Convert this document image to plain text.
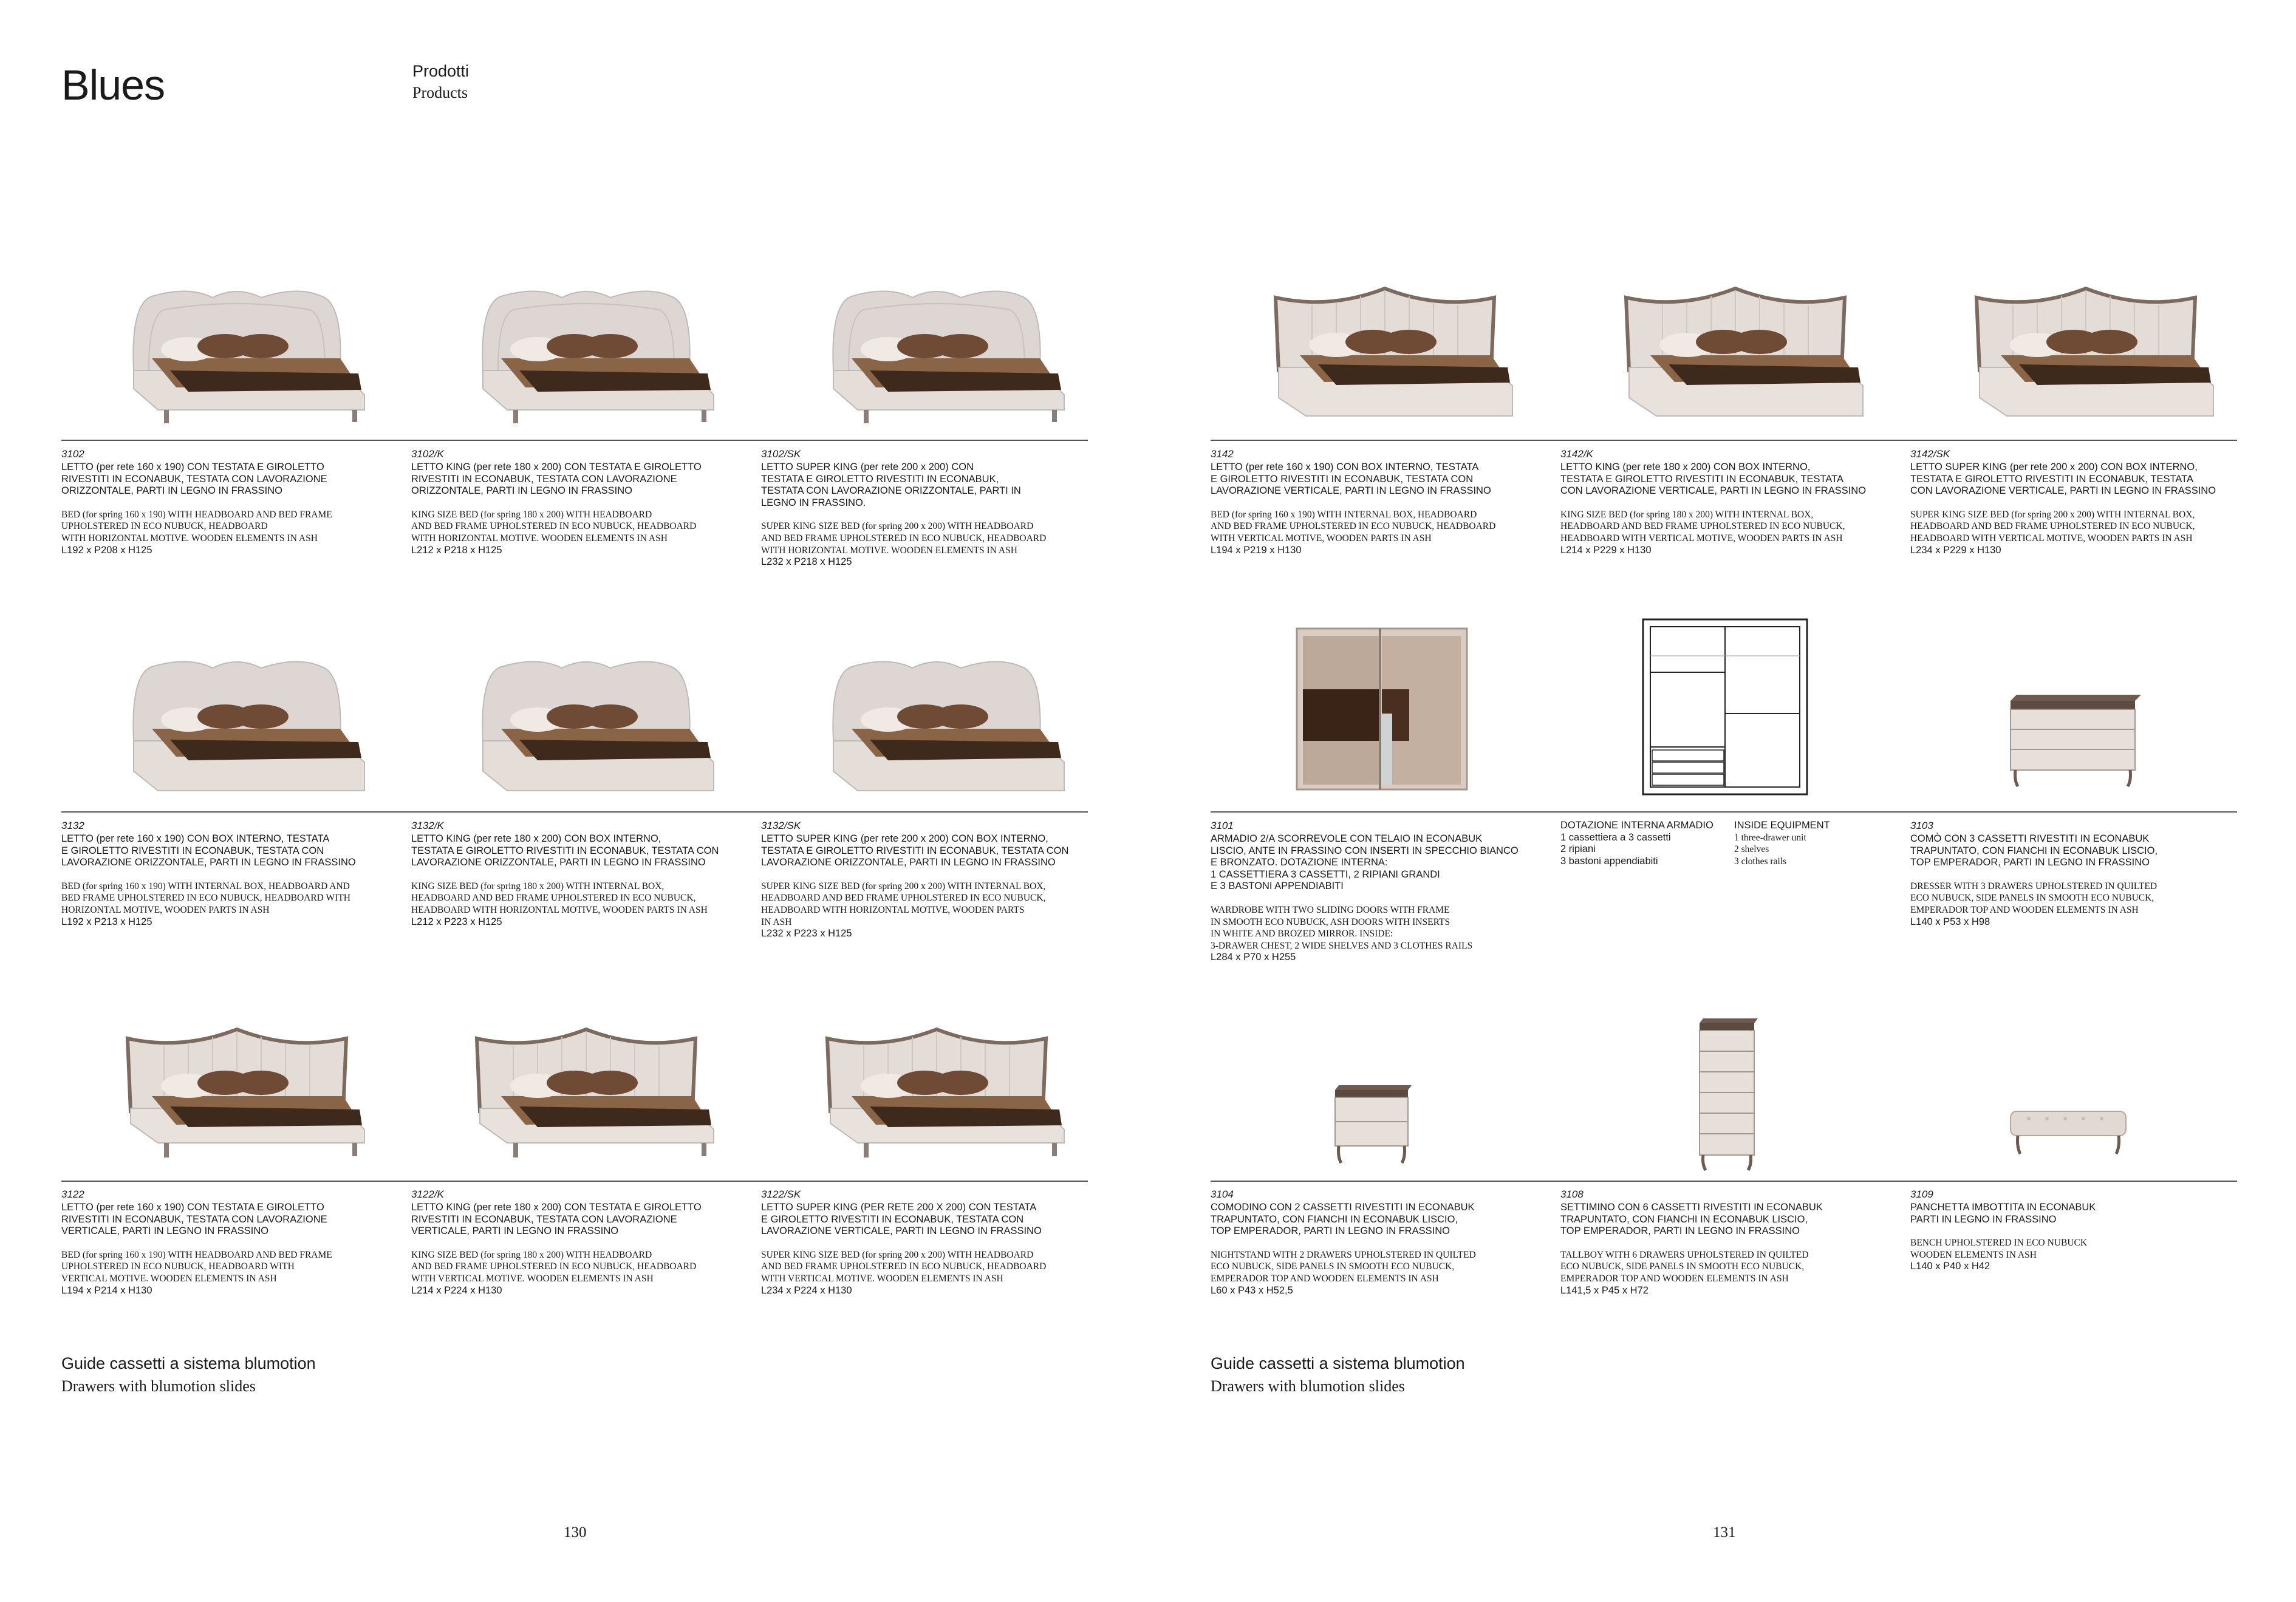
Blues	Prodotti
Products
3102
LETTO (per rete 160 x 190) CON TESTATA E GIROLETTO
RIVESTITI IN ECONABUK, TESTATA CON LAVORAZIONE
ORIZZONTALE, PARTI IN LEGNO IN FRASSINO
BED (for spring 160 x 190) WITH HEADBOARD AND BED FRAME
UPHOLSTERED IN ECO NUBUCK, HEADBOARD
WITH HORIZONTAL MOTIVE. WOODEN ELEMENTS IN ASH
L192 x P208 x H125
3102/K
LETTO KING (per rete 180 x 200) CON TESTATA E GIROLETTO
RIVESTITI IN ECONABUK, TESTATA CON LAVORAZIONE
ORIZZONTALE, PARTI IN LEGNO IN FRASSINO
KING SIZE BED (for spring 180 x 200) WITH HEADBOARD
AND BED FRAME UPHOLSTERED IN ECO NUBUCK, HEADBOARD
WITH HORIZONTAL MOTIVE. WOODEN ELEMENTS IN ASH
L212 x P218 x H125
3102/SK
LETTO SUPER KING (per rete 200 x 200) CON
TESTATA E GIROLETTO RIVESTITI IN ECONABUK,
TESTATA CON LAVORAZIONE ORIZZONTALE, PARTI IN
LEGNO IN FRASSINO.
SUPER KING SIZE BED (for spring 200 x 200) WITH HEADBOARD
AND BED FRAME UPHOLSTERED IN ECO NUBUCK, HEADBOARD
WITH HORIZONTAL MOTIVE. WOODEN ELEMENTS IN ASH
L232 x P218 x H125
3132
LETTO (per rete 160 x 190) CON BOX INTERNO, TESTATA
E GIROLETTO RIVESTITI IN ECONABUK, TESTATA CON
LAVORAZIONE ORIZZONTALE, PARTI IN LEGNO IN FRASSINO
BED (for spring 160 x 190) WITH INTERNAL BOX, HEADBOARD AND
BED FRAME UPHOLSTERED IN ECO NUBUCK, HEADBOARD WITH
HORIZONTAL MOTIVE, WOODEN PARTS IN ASH
L192 x P213 x H125
3132/K
LETTO KING (per rete 180 x 200) CON BOX INTERNO,
TESTATA E GIROLETTO RIVESTITI IN ECONABUK, TESTATA CON
LAVORAZIONE ORIZZONTALE, PARTI IN LEGNO IN FRASSINO
KING SIZE BED (for spring 180 x 200) WITH INTERNAL BOX,
HEADBOARD AND BED FRAME UPHOLSTERED IN ECO NUBUCK,
HEADBOARD WITH HORIZONTAL MOTIVE, WOODEN PARTS IN ASH
L212 x P223 x H125
3132/SK
LETTO SUPER KING (per rete 200 x 200) CON BOX INTERNO,
TESTATA E GIROLETTO RIVESTITI IN ECONABUK, TESTATA CON
LAVORAZIONE ORIZZONTALE, PARTI IN LEGNO IN FRASSINO
SUPER KING SIZE BED (for spring 200 x 200) WITH INTERNAL BOX,
HEADBOARD AND BED FRAME UPHOLSTERED IN ECO NUBUCK,
HEADBOARD WITH HORIZONTAL MOTIVE, WOODEN PARTS
IN ASH
L232 x P223 x H125
3122
LETTO (per rete 160 x 190) CON TESTATA E GIROLETTO
RIVESTITI IN ECONABUK, TESTATA CON LAVORAZIONE
VERTICALE, PARTI IN LEGNO IN FRASSINO
BED (for spring 160 x 190) WITH HEADBOARD AND BED FRAME
UPHOLSTERED IN ECO NUBUCK, HEADBOARD WITH
VERTICAL MOTIVE. WOODEN ELEMENTS IN ASH
L194 x P214 x H130
3122/K
LETTO KING (per rete 180 x 200) CON TESTATA E GIROLETTO
RIVESTITI IN ECONABUK, TESTATA CON LAVORAZIONE
VERTICALE, PARTI IN LEGNO IN FRASSINO
KING SIZE BED (for spring 180 x 200) WITH HEADBOARD
AND BED FRAME UPHOLSTERED IN ECO NUBUCK, HEADBOARD
WITH VERTICAL MOTIVE. WOODEN ELEMENTS IN ASH
L214 x P224 x H130
3122/SK
LETTO SUPER KING (PER RETE 200 X 200) CON TESTATA
E GIROLETTO RIVESTITI IN ECONABUK, TESTATA CON
LAVORAZIONE VERTICALE, PARTI IN LEGNO IN FRASSINO
SUPER KING SIZE BED (for spring 200 x 200) WITH HEADBOARD
AND BED FRAME UPHOLSTERED IN ECO NUBUCK, HEADBOARD
WITH VERTICAL MOTIVE. WOODEN ELEMENTS IN ASH
L234 x P224 x H130
3142
LETTO (per rete 160 x 190) CON BOX INTERNO, TESTATA
E GIROLETTO RIVESTITI IN ECONABUK, TESTATA CON
LAVORAZIONE VERTICALE, PARTI IN LEGNO IN FRASSINO
BED (for spring 160 x 190) WITH INTERNAL BOX, HEADBOARD
AND BED FRAME UPHOLSTERED IN ECO NUBUCK, HEADBOARD
WITH VERTICAL MOTIVE, WOODEN PARTS IN ASH
L194 x P219 x H130
3142/K
LETTO KING (per rete 180 x 200) CON BOX INTERNO,
TESTATA E GIROLETTO RIVESTITI IN ECONABUK, TESTATA
CON LAVORAZIONE VERTICALE, PARTI IN LEGNO IN FRASSINO
KING SIZE BED (for spring 180 x 200) WITH INTERNAL BOX,
HEADBOARD AND BED FRAME UPHOLSTERED IN ECO NUBUCK,
HEADBOARD WITH VERTICAL MOTIVE, WOODEN PARTS IN ASH
L214 x P229 x H130
3142/SK
LETTO SUPER KING (per rete 200 x 200) CON BOX INTERNO,
TESTATA E GIROLETTO RIVESTITI IN ECONABUK, TESTATA
CON LAVORAZIONE VERTICALE, PARTI IN LEGNO IN FRASSINO
SUPER KING SIZE BED (for spring 200 x 200) WITH INTERNAL BOX,
HEADBOARD AND BED FRAME UPHOLSTERED IN ECO NUBUCK,
HEADBOARD WITH VERTICAL MOTIVE, WOODEN PARTS IN ASH
L234 x P229 x H130
3101
ARMADIO 2/A SCORREVOLE CON TELAIO IN ECONABUK
LISCIO, ANTE IN FRASSINO CON INSERTI IN SPECCHIO BIANCO
E BRONZATO. DOTAZIONE INTERNA:
1 CASSETTIERA 3 CASSETTI, 2 RIPIANI GRANDI
E 3 BASTONI APPENDIABITI
WARDROBE WITH TWO SLIDING DOORS WITH FRAME
IN SMOOTH ECO NUBUCK, ASH DOORS WITH INSERTS
IN WHITE AND BROZED MIRROR. INSIDE:
3-DRAWER CHEST, 2 WIDE SHELVES AND 3 CLOTHES RAILS
L284 x P70 x H255
DOTAZIONE INTERNA ARMADIO
1 cassettiera a 3 cassetti
2 ripiani
3 bastoni appendiabiti
INSIDE EQUIPMENT
1 three-drawer unit
2 shelves
3 clothes rails
3103
COMÒ CON 3 CASSETTI RIVESTITI IN ECONABUK
TRAPUNTATO, CON FIANCHI IN ECONABUK LISCIO,
TOP EMPERADOR, PARTI IN LEGNO IN FRASSINO
DRESSER WITH 3 DRAWERS UPHOLSTERED IN QUILTED
ECO NUBUCK, SIDE PANELS IN SMOOTH ECO NUBUCK,
EMPERADOR TOP AND WOODEN ELEMENTS IN ASH
L140 x P53 x H98
3104
COMODINO CON 2 CASSETTI RIVESTITI IN ECONABUK
TRAPUNTATO, CON FIANCHI IN ECONABUK LISCIO,
TOP EMPERADOR, PARTI IN LEGNO IN FRASSINO
NIGHTSTAND WITH 2 DRAWERS UPHOLSTERED IN QUILTED
ECO NUBUCK, SIDE PANELS IN SMOOTH ECO NUBUCK,
EMPERADOR TOP AND WOODEN ELEMENTS IN ASH
L60 x P43 x H52,5
3108
SETTIMINO CON 6 CASSETTI RIVESTITI IN ECONABUK
TRAPUNTATO, CON FIANCHI IN ECONABUK LISCIO,
TOP EMPERADOR, PARTI IN LEGNO IN FRASSINO
TALLBOY WITH 6 DRAWERS UPHOLSTERED IN QUILTED
ECO NUBUCK, SIDE PANELS IN SMOOTH ECO NUBUCK,
EMPERADOR TOP AND WOODEN ELEMENTS IN ASH
L141,5 x P45 x H72
3109
PANCHETTA IMBOTTITA IN ECONABUK
PARTI IN LEGNO IN FRASSINO
BENCH UPHOLSTERED IN ECO NUBUCK
WOODEN ELEMENTS IN ASH
L140 x P40 x H42
Guide cassetti a sistema blumotion
Drawers with blumotion slides
Guide cassetti a sistema blumotion
Drawers with blumotion slides
130	131
